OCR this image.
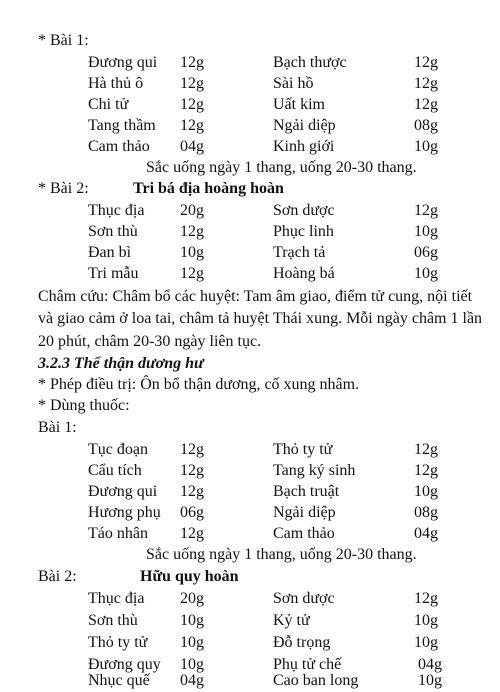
* Bài 1:
Đương qui 12g	Bạch thược	12g
Hà thủ ô 12g	Sài hồ	12g
Chi tử	12g	Uất kim	12g
Tang thầm 12g	Ngải diệp	08g
Cam thảo 04g	Kinh giới	10g
Sắc uống ngày 1 thang, uống 20-30 thang.
* Bài 2:	Tri bá địa hoàng hoàn
Thục địa 20g	Sơn dược	12g
Sơn thù	12g	Phục linh	10g
Đan bì	10g	Trạch tả	06g
Tri mẫu	12g	Hoàng bá	10g
Châm cứu: Châm bổ các huyệt: Tam âm giao, điểm tử cung, nội tiết và giao cảm ở loa tai, châm tả huyệt Thái xung. Mỗi ngày châm 1 lần 20 phút, châm 20-30 ngày liên tục.
3.2.3 Thể thận dương hư
* Phép điều trị: Ôn bổ thận dương, cố xung nhâm.
* Dùng thuốc:
Bài 1:
Tục đoạn 12g	Thỏ ty tử	12g
Cẩu tích 12g	Tang ký sinh	12g
Đương qui 12g	Bạch truật	10g
Hương phụ 06g	Ngải diệp	08g
Táo nhân 12g	Cam thảo	04g
Sắc uống ngày 1 thang, uống 20-30 thang.
Bài 2:	Hữu quy hoàn
Thục địa 20g	Sơn dược	12g
Sơn thù	10g	Kỷ tử	10g
Thỏ ty tử 10g	Đỗ trọng	10g
Đương quy 10g	Phụ tử chế	04g
Nhục quế 04g	Cao ban long	10g
